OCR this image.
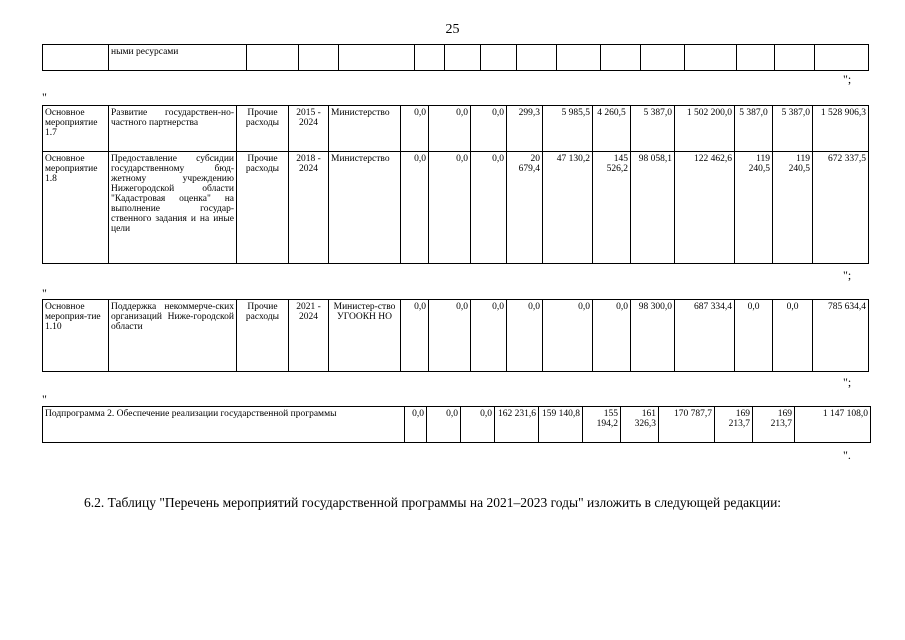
25
	ными ресурсами														
";
"
Основное мероприятие 1.7	Развитие государствен-но-частного партнерства	Прочие расходы	2015 - 2024	Министерство	0,0	0,0	0,0	299,3	5 985,5	4 260,5	5 387,0	1 502 200,0	5 387,0	5 387,0	1 528 906,3
Основное мероприятие 1.8	Предоставление субсидии государственному бюд-жетному учреждению Нижегородской области "Кадастровая оценка" на выполнение государ-ственного задания и на иные цели	Прочие расходы	2018 - 2024	Министерство	0,0	0,0	0,0	20 679,4	47 130,2	145 526,2	98 058,1	122 462,6	119 240,5	119 240,5	672 337,5
";
"
Основное мероприя-тие 1.10	Поддержка некоммерче-ских организаций Ниже-городской области	Прочие расходы	2021 - 2024	Министер-ство УГООКН НО	0,0	0,0	0,0	0,0	0,0	0,0	98 300,0	687 334,4	0,0	0,0	785 634,4
";
"
Подпрограмма 2. Обеспечение реализации государственной программы	0,0	0,0	0,0	162 231,6	159 140,8	155 194,2	161 326,3	170 787,7	169 213,7	169 213,7	1 147 108,0
".
6.2. Таблицу "Перечень мероприятий государственной программы на 2021–2023 годы" изложить в следующей редакции:
